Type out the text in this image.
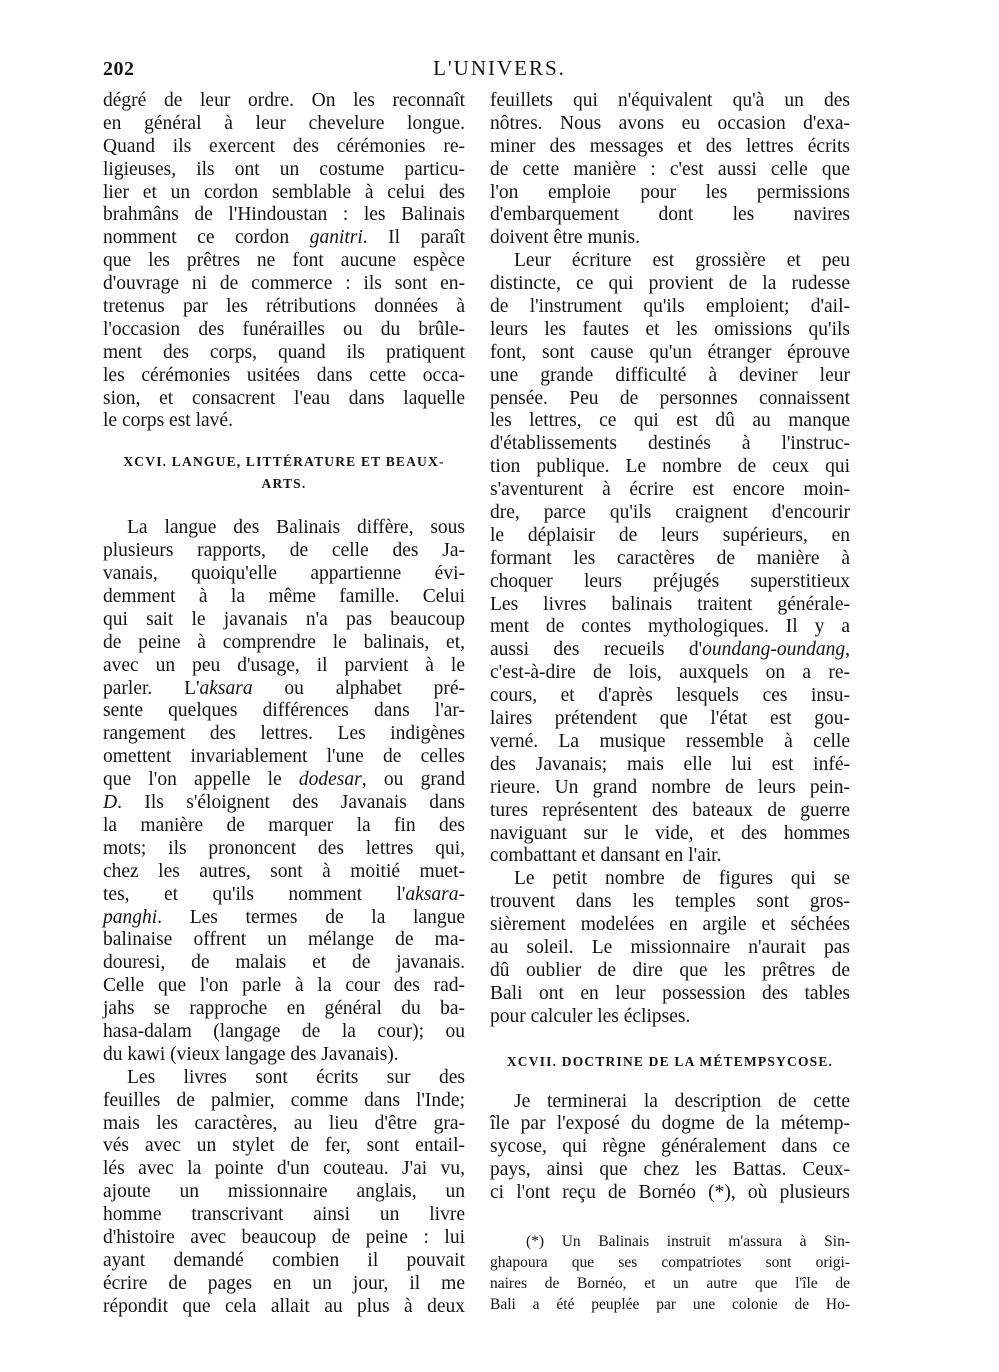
202	L'UNIVERS.
dégré de leur ordre. On les reconnaît
en général à leur chevelure longue.
Quand ils exercent des cérémonies re-
ligieuses, ils ont un costume particu-
lier et un cordon semblable à celui des
brahmâns de l'Hindoustan : les Balinais
nomment ce cordon ganitri. Il paraît
que les prêtres ne font aucune espèce
d'ouvrage ni de commerce : ils sont en-
tretenus par les rétributions données à
l'occasion des funérailles ou du brûle-
ment des corps, quand ils pratiquent
les cérémonies usitées dans cette occa-
sion, et consacrent l'eau dans laquelle
le corps est lavé.
XCVI. LANGUE, LITTÉRATURE ET BEAUX-
ARTS.
La langue des Balinais diffère, sous
plusieurs rapports, de celle des Ja-
vanais, quoiqu'elle appartienne évi-
demment à la même famille. Celui
qui sait le javanais n'a pas beaucoup
de peine à comprendre le balinais, et,
avec un peu d'usage, il parvient à le
parler. L'aksara ou alphabet pré-
sente quelques différences dans l'ar-
rangement des lettres. Les indigènes
omettent invariablement l'une de celles
que l'on appelle le dodesar, ou grand
D. Ils s'éloignent des Javanais dans
la manière de marquer la fin des
mots; ils prononcent des lettres qui,
chez les autres, sont à moitié muet-
tes, et qu'ils nomment l'aksara-
panghi. Les termes de la langue
balinaise offrent un mélange de ma-
douresi, de malais et de javanais.
Celle que l'on parle à la cour des rad-
jahs se rapproche en général du ba-
hasa-dalam (langage de la cour); ou
du kawi (vieux langage des Javanais).
Les livres sont écrits sur des
feuilles de palmier, comme dans l'Inde;
mais les caractères, au lieu d'être gra-
vés avec un stylet de fer, sont entail-
lés avec la pointe d'un couteau. J'ai vu,
ajoute un missionnaire anglais, un
homme transcrivant ainsi un livre
d'histoire avec beaucoup de peine : lui
ayant demandé combien il pouvait
écrire de pages en un jour, il me
répondit que cela allait au plus à deux
feuillets qui n'équivalent qu'à un des
nôtres. Nous avons eu occasion d'exa-
miner des messages et des lettres écrits
de cette manière : c'est aussi celle que
l'on emploie pour les permissions
d'embarquement dont les navires
doivent être munis.
Leur écriture est grossière et peu
distincte, ce qui provient de la rudesse
de l'instrument qu'ils emploient; d'ail-
leurs les fautes et les omissions qu'ils
font, sont cause qu'un étranger éprouve
une grande difficulté à deviner leur
pensée. Peu de personnes connaissent
les lettres, ce qui est dû au manque
d'établissements destinés à l'instruc-
tion publique. Le nombre de ceux qui
s'aventurent à écrire est encore moin-
dre, parce qu'ils craignent d'encourir
le déplaisir de leurs supérieurs, en
formant les caractères de manière à
choquer leurs préjugés superstitieux
Les livres balinais traitent générale-
ment de contes mythologiques. Il y a
aussi des recueils d'oundang-oundang,
c'est-à-dire de lois, auxquels on a re-
cours, et d'après lesquels ces insu-
laires prétendent que l'état est gou-
verné. La musique ressemble à celle
des Javanais; mais elle lui est infé-
rieure. Un grand nombre de leurs pein-
tures représentent des bateaux de guerre
naviguant sur le vide, et des hommes
combattant et dansant en l'air.
Le petit nombre de figures qui se
trouvent dans les temples sont gros-
sièrement modelées en argile et séchées
au soleil. Le missionnaire n'aurait pas
dû oublier de dire que les prêtres de
Bali ont en leur possession des tables
pour calculer les éclipses.
XCVII. DOCTRINE DE LA MÉTEMPSYCOSE.
Je terminerai la description de cette
île par l'exposé du dogme de la métemp-
sycose, qui règne généralement dans ce
pays, ainsi que chez les Battas. Ceux-
ci l'ont reçu de Bornéo (*), où plusieurs
(*) Un Balinais instruit m'assura à Sin-
ghapoura que ses compatriotes sont origi-
naires de Bornéo, et un autre que l'île de
Bali a été peuplée par une colonie de Ho-
